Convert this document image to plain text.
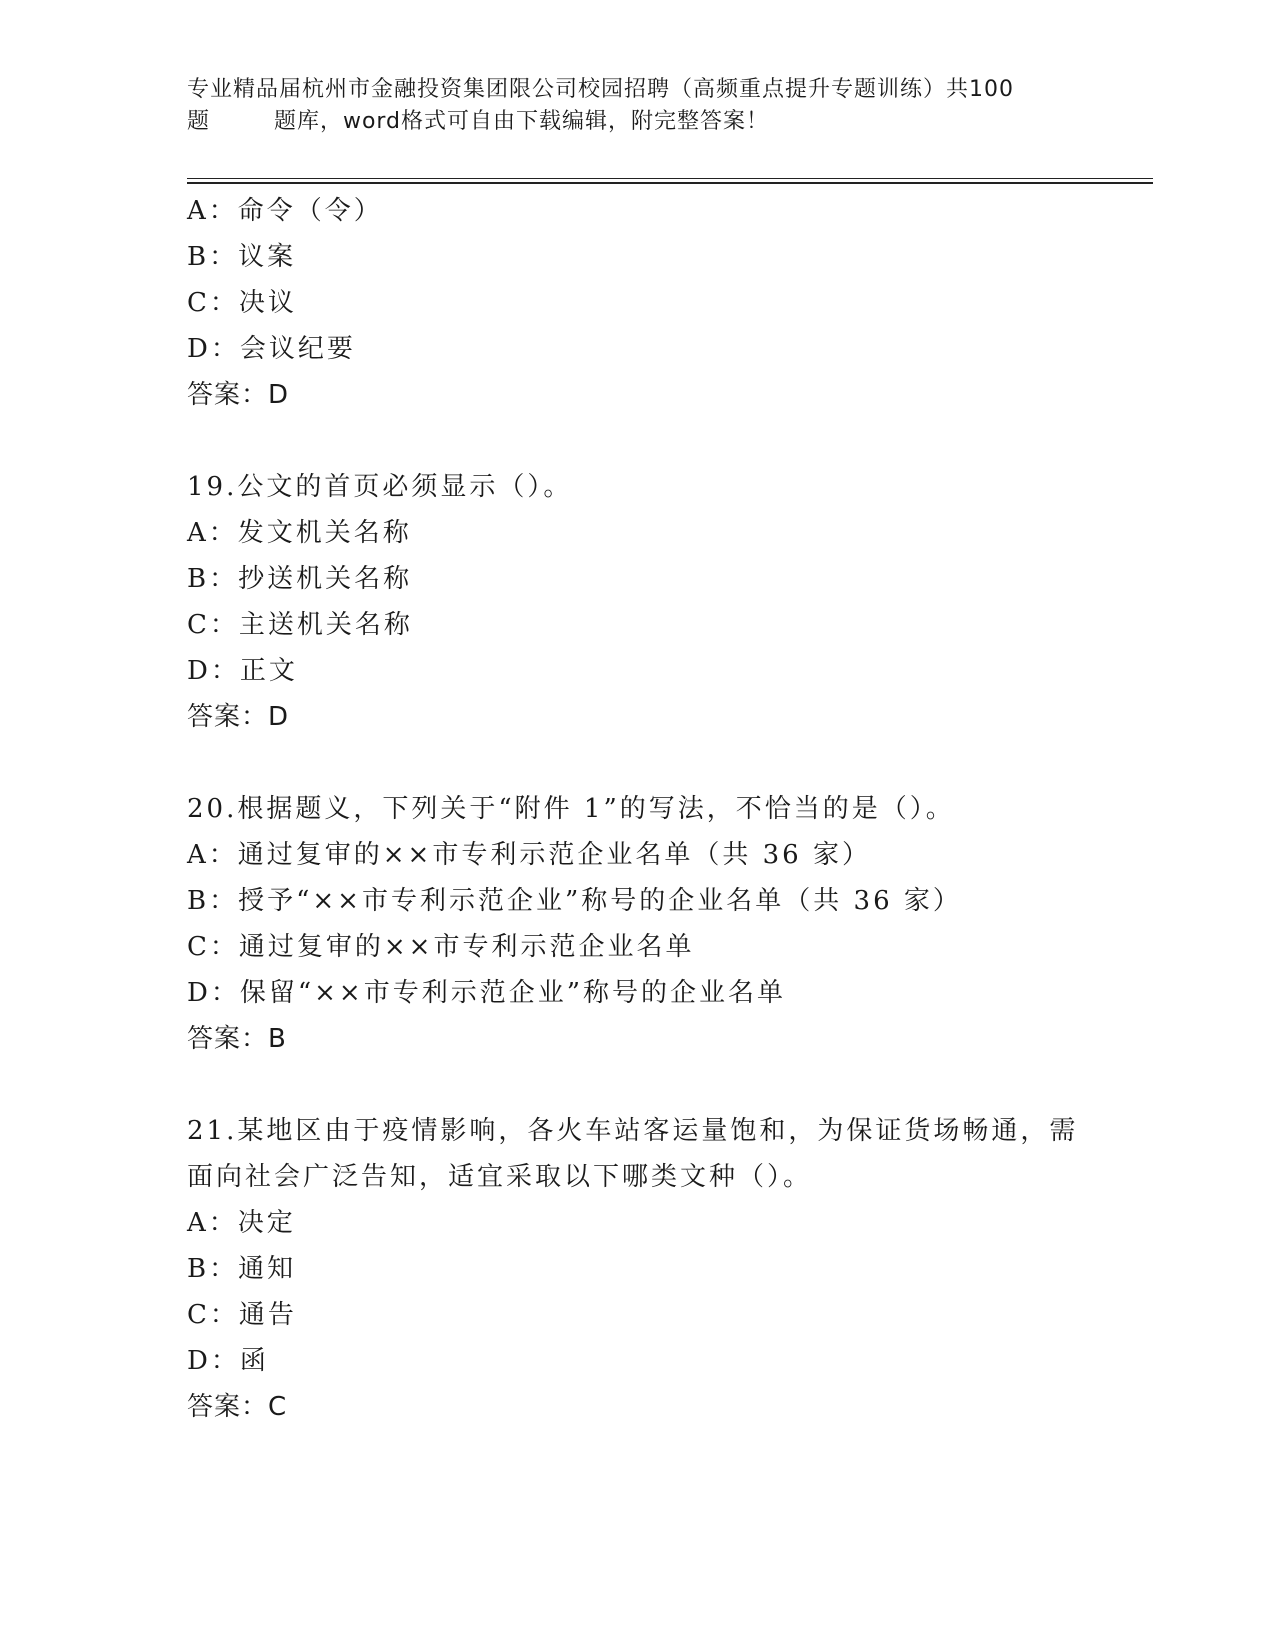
专业精品届杭州市金融投资集团限公司校园招聘（高频重点提升专题训练）共100
题        题库，word格式可自由下载编辑，附完整答案！
A：命令（令）
B：议案
C：决议
D：会议纪要
答案：D
19.公文的首页必须显示（）。
A：发文机关名称
B：抄送机关名称
C：主送机关名称
D：正文
答案：D
20.根据题义，下列关于“附件 1”的写法，不恰当的是（）。
A：通过复审的××市专利示范企业名单（共 36 家）
B：授予“××市专利示范企业”称号的企业名单（共 36 家）
C：通过复审的××市专利示范企业名单
D：保留“××市专利示范企业”称号的企业名单
答案：B
21.某地区由于疫情影响，各火车站客运量饱和，为保证货场畅通，需
面向社会广泛告知，适宜采取以下哪类文种（）。
A：决定
B：通知
C：通告
D：函
答案：C
